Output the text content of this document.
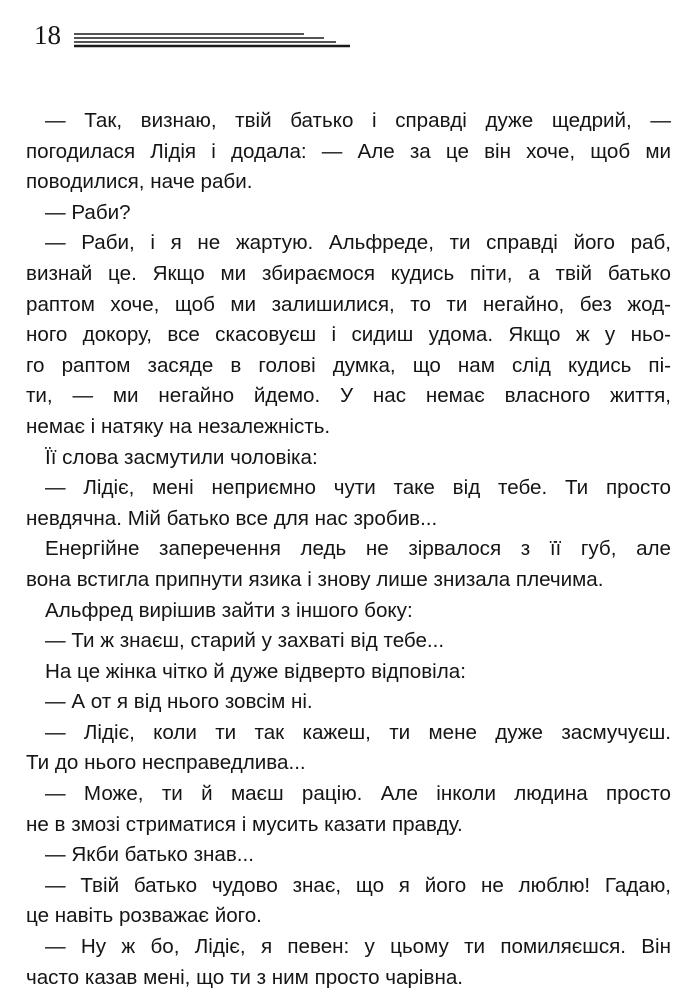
18
— Так, визнаю, твій батько і справді дуже щедрий, —
погодилася Лідія і додала: — Але за це він хоче, щоб ми
поводилися, наче раби.
— Раби?
— Раби, і я не жартую. Альфреде, ти справді його раб,
визнай це. Якщо ми збираємося кудись піти, а твій батько
раптом хоче, щоб ми залишилися, то ти негайно, без жод-
ного докору, все скасовуєш і сидиш удома. Якщо ж у ньо-
го раптом засяде в голові думка, що нам слід кудись пі-
ти, — ми негайно йдемо. У нас немає власного життя,
немає і натяку на незалежність.
Її слова засмутили чоловіка:
— Лідіє, мені неприємно чути таке від тебе. Ти просто
невдячна. Мій батько все для нас зробив...
Енергійне заперечення ледь не зірвалося з її губ, але
вона встигла припнути язика і знову лише знизала плечима.
Альфред вирішив зайти з іншого боку:
— Ти ж знаєш, старий у захваті від тебе...
На це жінка чітко й дуже відверто відповіла:
— А от я від нього зовсім ні.
— Лідіє, коли ти так кажеш, ти мене дуже засмучуєш.
Ти до нього несправедлива...
— Може, ти й маєш рацію. Але інколи людина просто
не в змозі стриматися і мусить казати правду.
— Якби батько знав...
— Твій батько чудово знає, що я його не люблю! Гадаю,
це навіть розважає його.
— Ну ж бо, Лідіє, я певен: у цьому ти помиляєшся. Він
часто казав мені, що ти з ним просто чарівна.
